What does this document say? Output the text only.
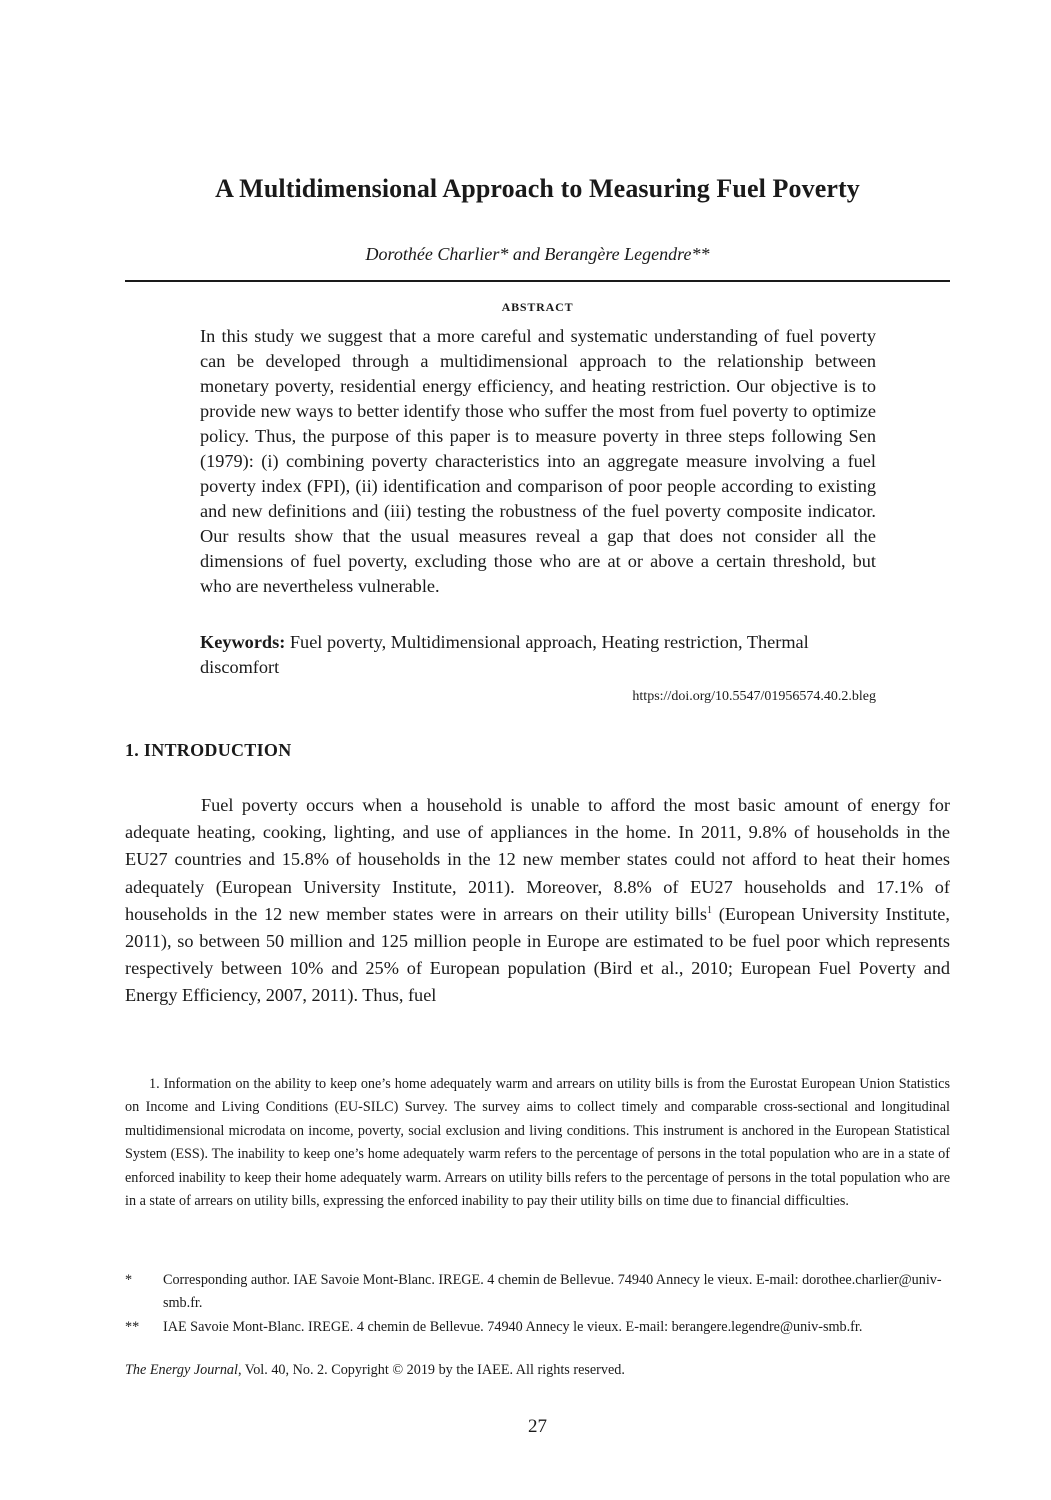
A Multidimensional Approach to Measuring Fuel Poverty
Dorothée Charlier* and Berangère Legendre**
ABSTRACT

In this study we suggest that a more careful and systematic understanding of fuel poverty can be developed through a multidimensional approach to the relationship between monetary poverty, residential energy efficiency, and heating restriction. Our objective is to provide new ways to better identify those who suffer the most from fuel poverty to optimize policy. Thus, the purpose of this paper is to measure poverty in three steps following Sen (1979): (i) combining poverty characteristics into an aggregate measure involving a fuel poverty index (FPI), (ii) identification and comparison of poor people according to existing and new definitions and (iii) testing the robustness of the fuel poverty composite indicator. Our results show that the usual measures reveal a gap that does not consider all the dimensions of fuel poverty, excluding those who are at or above a certain threshold, but who are nevertheless vulnerable.

Keywords: Fuel poverty, Multidimensional approach, Heating restriction, Thermal discomfort

https://doi.org/10.5547/01956574.40.2.bleg
1. INTRODUCTION

Fuel poverty occurs when a household is unable to afford the most basic amount of energy for adequate heating, cooking, lighting, and use of appliances in the home. In 2011, 9.8% of households in the EU27 countries and 15.8% of households in the 12 new member states could not afford to heat their homes adequately (European University Institute, 2011). Moreover, 8.8% of EU27 households and 17.1% of households in the 12 new member states were in arrears on their utility bills$^1$ (European University Institute, 2011), so between 50 million and 125 million people in Europe are estimated to be fuel poor which represents respectively between 10% and 25% of European population (Bird et al., 2010; European Fuel Poverty and Energy Efficiency, 2007, 2011). Thus, fuel

1. Information on the ability to keep one’s home adequately warm and arrears on utility bills is from the Eurostat European Union Statistics on Income and Living Conditions (EU-SILC) Survey. The survey aims to collect timely and comparable cross-sectional and longitudinal multidimensional microdata on income, poverty, social exclusion and living conditions. This instrument is anchored in the European Statistical System (ESS). The inability to keep one’s home adequately warm refers to the percentage of persons in the total population who are in a state of enforced inability to keep their home adequately warm. Arrears on utility bills refers to the percentage of persons in the total population who are in a state of arrears on utility bills, expressing the enforced inability to pay their utility bills on time due to financial difficulties.

*	Corresponding author. IAE Savoie Mont-Blanc. IREGE. 4 chemin de Bellevue. 74940 Annecy le vieux. E-mail: dorothee.charlier@univ-smb.fr.
**	IAE Savoie Mont-Blanc. IREGE. 4 chemin de Bellevue. 74940 Annecy le vieux. E-mail: berangere.legendre@univ-smb.fr.
The Energy Journal, Vol. 40, No. 2. Copyright © 2019 by the IAEE. All rights reserved.
27
